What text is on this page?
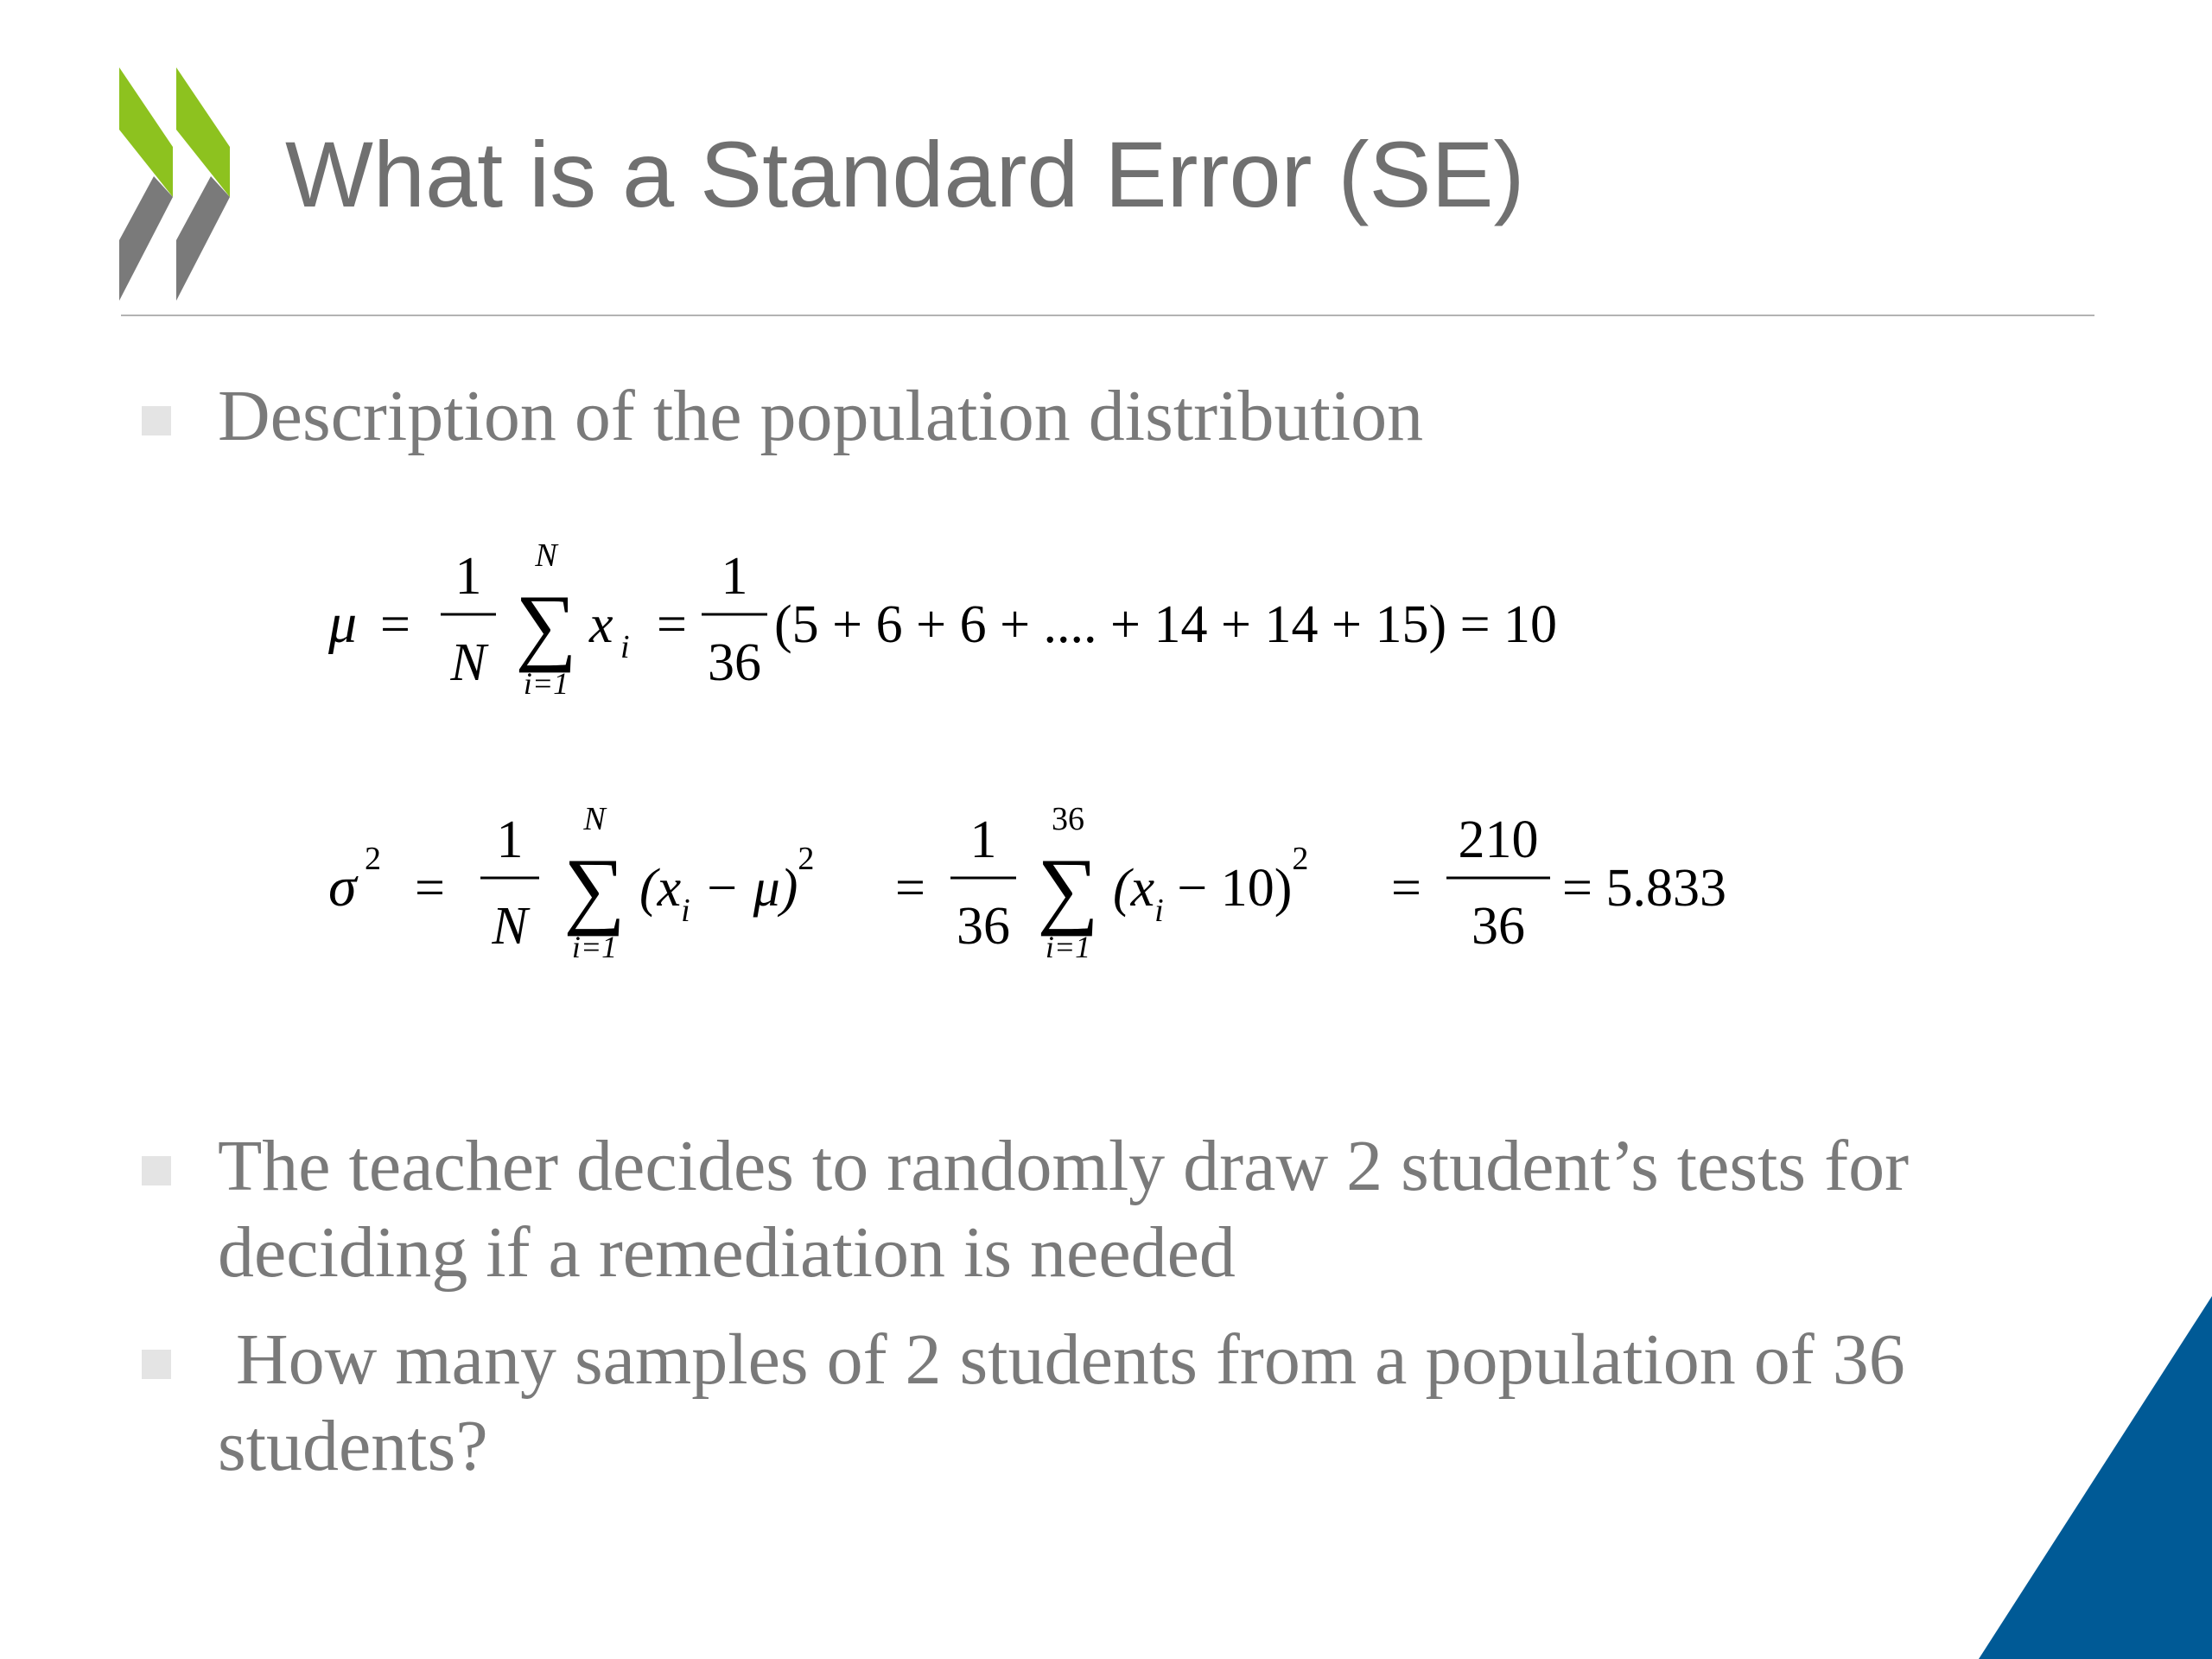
What is a Standard Error (SE)
Description of the population distribution
μ =
1
N
N
∑
i=1
x i =
1
36
(5 + 6 + 6 + .... + 14 + 14 + 15) = 10
σ 2 =
1
N
N
∑
i=1
$(x_i - \mu)^2$ =
1
36
36
∑
i=1
$(x_i - 10)^2$ =
210
36
= 5.833
The teacher decides to randomly draw 2 student’s tests for deciding if a remediation is needed
How many samples of 2 students from a population of 36 students?
